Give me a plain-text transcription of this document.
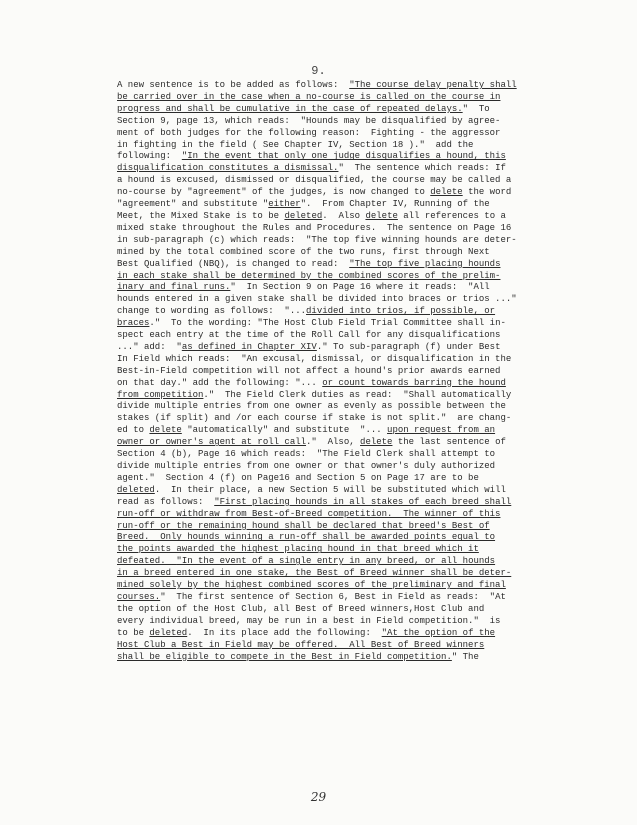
9.
A new sentence is to be added as follows:  "The course delay penalty shall
be carried over in the case when a no-course is called on the course in
progress and shall be cumulative in the case of repeated delays."  To
Section 9, page 13, which reads:  "Hounds may be disqualified by agree-
ment of both judges for the following reason:  Fighting - the aggressor
in fighting in the field ( See Chapter IV, Section 18 )."  add the
following:  "In the event that only one judge disqualifies a hound, this
disqualification constitutes a dismissal."  The sentence which reads: If
a hound is excused, dismissed or disqualified, the course may be called a
no-course by "agreement" of the judges, is now changed to delete the word
"agreement" and substitute "either".  From Chapter IV, Running of the
Meet, the Mixed Stake is to be deleted.  Also delete all references to a
mixed stake throughout the Rules and Procedures.  The sentence on Page 16
in sub-paragraph (c) which reads:  "The top five winning hounds are deter-
mined by the total combined score of the two runs, first through Next
Best Qualified (NBQ), is changed to read:  "The top five placing hounds
in each stake shall be determined by the combined scores of the prelim-
inary and final runs."  In Section 9 on Page 16 where it reads:  "All
hounds entered in a given stake shall be divided into braces or trios ..."
change to wording as follows:  "...divided into trios, if possible, or
braces."  To the wording: "The Host Club Field Trial Committee shall in-
spect each entry at the time of the Roll Call for any disqualifications
..." add:  "as defined in Chapter XIV." To sub-paragraph (f) under Best
In Field which reads:  "An excusal, dismissal, or disqualification in the
Best-in-Field competition will not affect a hound's prior awards earned
on that day." add the following: "... or count towards barring the hound
from competition."  The Field Clerk duties as read:  "Shall automatically
divide multiple entries from one owner as evenly as possible between the
stakes (if split) and /or each course if stake is not split."  are chang-
ed to delete "automatically" and substitute  "... upon request from an
owner or owner's agent at roll call."  Also, delete the last sentence of
Section 4 (b), Page 16 which reads:  "The Field Clerk shall attempt to
divide multiple entries from one owner or that owner's duly authorized
agent."  Section 4 (f) on Page16 and Section 5 on Page 17 are to be
deleted.  In their place, a new Section 5 will be substituted which will
read as follows:  "First placing hounds in all stakes of each breed shall
run-off or withdraw from Best-of-Breed competition.  The winner of this
run-off or the remaining hound shall be declared that breed's Best of
Breed.  Only hounds winning a run-off shall be awarded points equal to
the points awarded the highest placing hound in that breed which it
defeated.  "In the event of a single entry in any breed, or all hounds
in a breed entered in one stake, the Best of Breed winner shall be deter-
mined solely by the highest combined scores of the preliminary and final
courses."  The first sentence of Section 6, Best in Field as reads:  "At
the option of the Host Club, all Best of Breed winners,Host Club and
every individual breed, may be run in a best in Field competition."  is
to be deleted.  In its place add the following:  "At the option of the
Host Club a Best in Field may be offered.  All Best of Breed winners
shall be eligible to compete in the Best in Field competition." The
29
